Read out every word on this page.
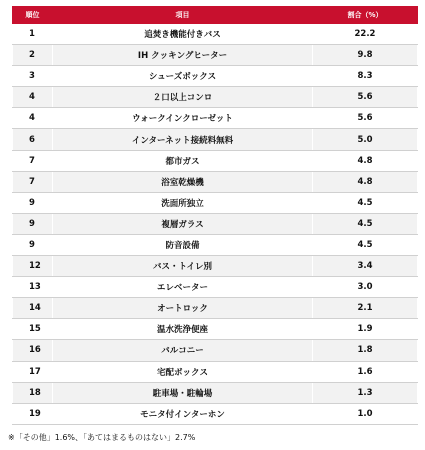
順位	項目	割合（%）
1	追焚き機能付きバス	22.2
2	IH クッキングヒーター	9.8
3	シューズボックス	8.3
4	２口以上コンロ	5.6
4	ウォークインクローゼット	5.6
6	インターネット接続料無料	5.0
7	都市ガス	4.8
7	浴室乾燥機	4.8
9	洗面所独立	4.5
9	複層ガラス	4.5
9	防音設備	4.5
12	バス・トイレ別	3.4
13	エレベーター	3.0
14	オートロック	2.1
15	温水洗浄便座	1.9
16	バルコニー	1.8
17	宅配ボックス	1.6
18	駐車場・駐輪場	1.3
19	モニタ付インターホン	1.0
※「その他」1.6%、「あてはまるものはない」2.7%
